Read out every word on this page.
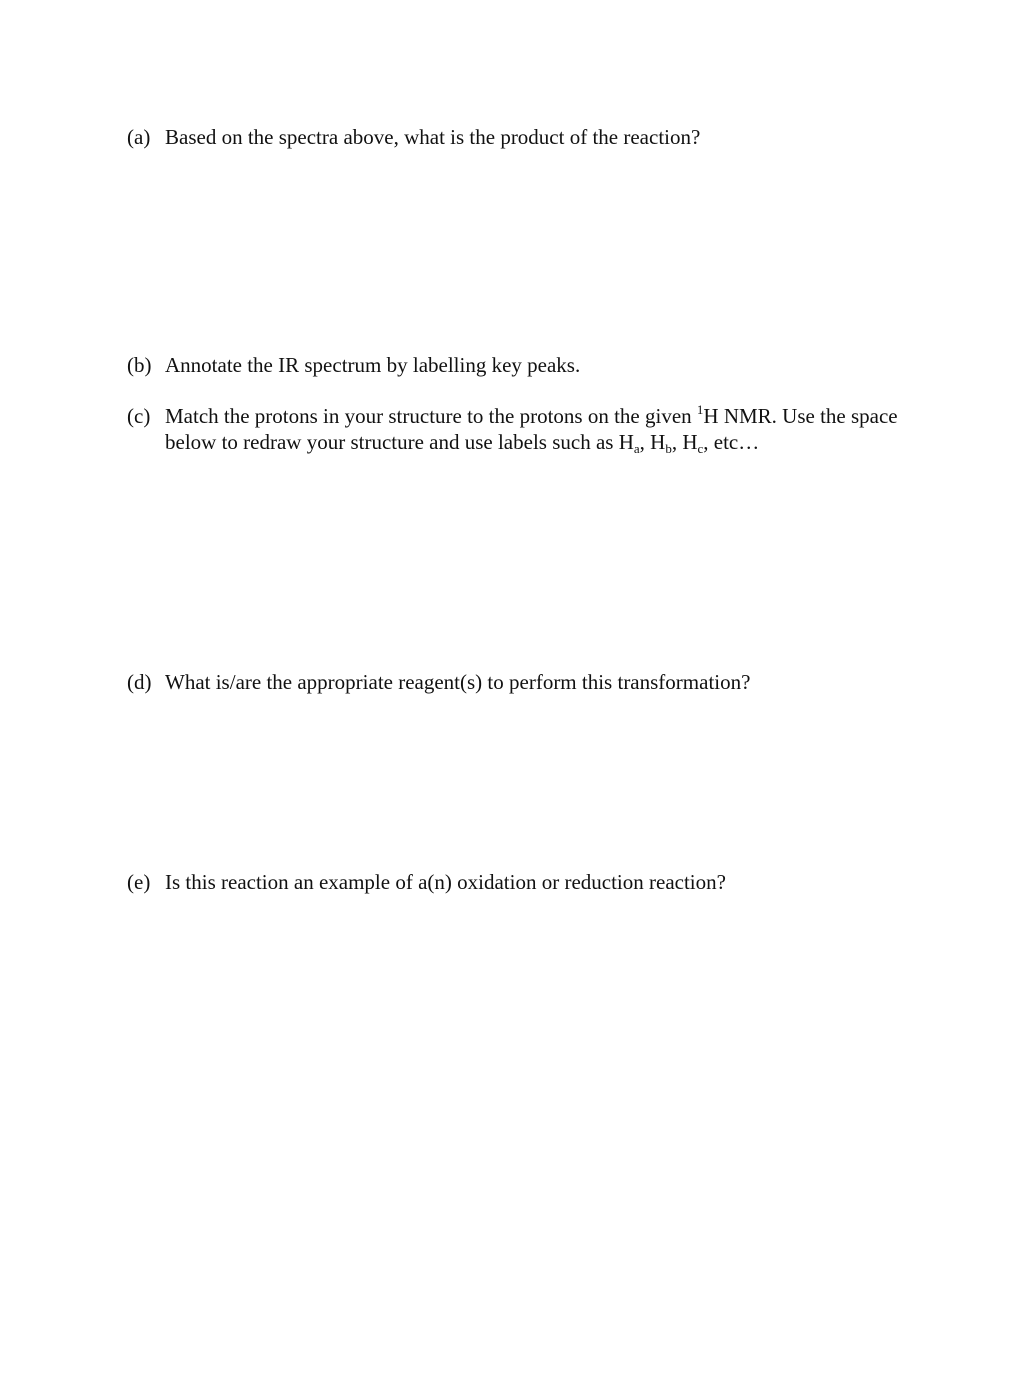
(a) Based on the spectra above, what is the product of the reaction?
(b) Annotate the IR spectrum by labelling key peaks.
(c) Match the protons in your structure to the protons on the given $^1$H NMR. Use the space
below to redraw your structure and use labels such as $H_a$, $H_b$, $H_c$, etc…
(d) What is/are the appropriate reagent(s) to perform this transformation?
(e) Is this reaction an example of a(n) oxidation or reduction reaction?
